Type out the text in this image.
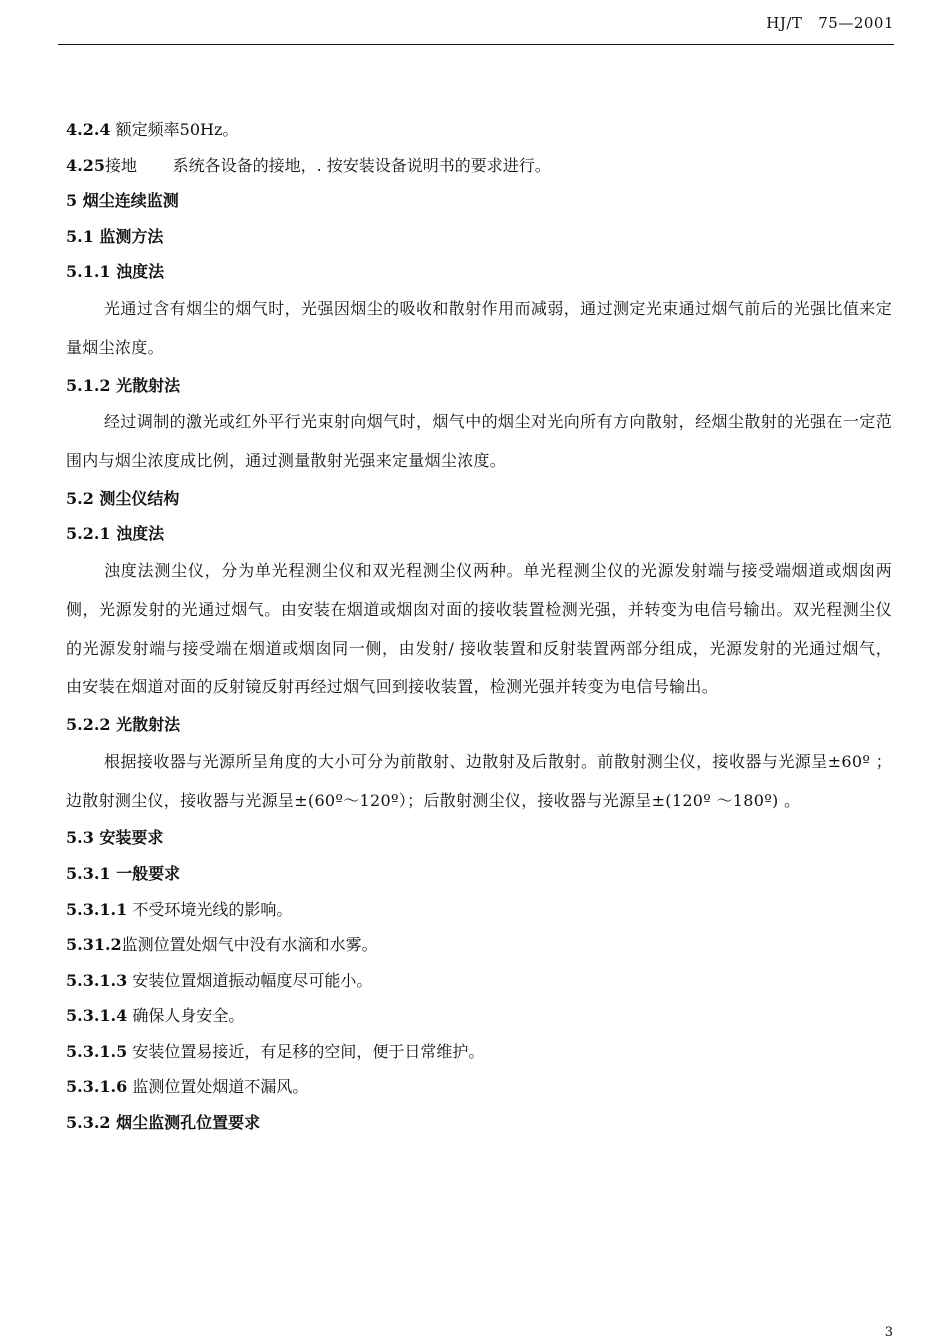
HJ/T   75—2001
4.2.4 额定频率50Hz。
4.25接地       系统各设备的接地，. 按安装设备说明书的要求进行。
5 烟尘连续监测
5.1 监测方法
5.1.1 浊度法
光通过含有烟尘的烟气时，光强因烟尘的吸收和散射作用而减弱，通过测定光束通过烟气前后的光强比值来定量烟尘浓度。
5.1.2 光散射法
经过调制的激光或红外平行光束射向烟气时，烟气中的烟尘对光向所有方向散射，经烟尘散射的光强在一定范围内与烟尘浓度成比例，通过测量散射光强来定量烟尘浓度。
5.2 测尘仪结构
5.2.1 浊度法
浊度法测尘仪，分为单光程测尘仪和双光程测尘仪两种。单光程测尘仪的光源发射端与接受端烟道或烟囱两侧，光源发射的光通过烟气。由安装在烟道或烟囱对面的接收装置检测光强，并转变为电信号输出。双光程测尘仪的光源发射端与接受端在烟道或烟囱同一侧，由发射/ 接收装置和反射装置两部分组成，光源发射的光通过烟气，由安装在烟道对面的反射镜反射再经过烟气回到接收装置，检测光强并转变为电信号输出。
5.2.2 光散射法
根据接收器与光源所呈角度的大小可分为前散射、边散射及后散射。前散射测尘仪，接收器与光源呈±60º ；边散射测尘仪，接收器与光源呈±(60º～120º）；后散射测尘仪，接收器与光源呈±(120º ～180º) 。
5.3 安装要求
5.3.1 一般要求
5.3.1.1 不受环境光线的影响。
5.31.2监测位置处烟气中没有水滴和水雾。
5.3.1.3 安装位置烟道振动幅度尽可能小。
5.3.1.4 确保人身安全。
5.3.1.5 安装位置易接近，有足移的空间，便于日常维护。
5.3.1.6 监测位置处烟道不漏风。
5.3.2 烟尘监测孔位置要求
3
